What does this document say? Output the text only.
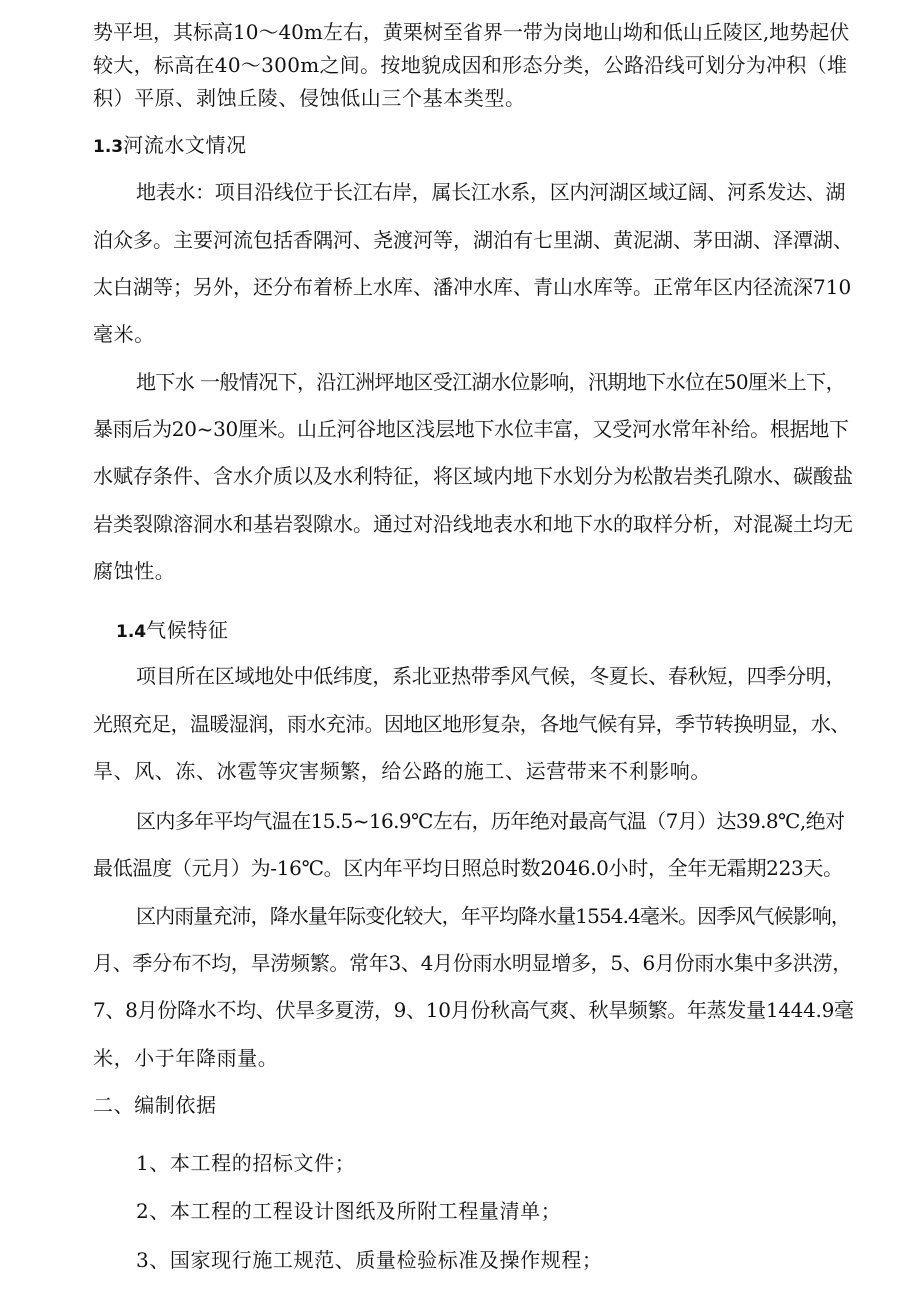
势平坦，其标高10～40m左右，黄栗树至省界一带为岗地山坳和低山丘陵区,地势起伏
较大，标高在40～300m之间。按地貌成因和形态分类，公路沿线可划分为冲积（堆
积）平原、剥蚀丘陵、侵蚀低山三个基本类型。
1.3河流水文情况
地表水：项目沿线位于长江右岸，属长江水系，区内河湖区域辽阔、河系发达、湖
泊众多。主要河流包括香隅河、尧渡河等，湖泊有七里湖、黄泥湖、茅田湖、泽潭湖、
太白湖等；另外，还分布着桥上水库、潘冲水库、青山水库等。正常年区内径流深710
毫米。
地下水 一般情况下，沿江洲坪地区受江湖水位影响，汛期地下水位在50厘米上下，
暴雨后为20~30厘米。山丘河谷地区浅层地下水位丰富，又受河水常年补给。根据地下
水赋存条件、含水介质以及水利特征，将区域内地下水划分为松散岩类孔隙水、碳酸盐
岩类裂隙溶洞水和基岩裂隙水。通过对沿线地表水和地下水的取样分析，对混凝土均无
腐蚀性。
1.4气候特征
项目所在区域地处中低纬度，系北亚热带季风气候，冬夏长、春秋短，四季分明，
光照充足，温暖湿润，雨水充沛。因地区地形复杂，各地气候有异，季节转换明显，水、
旱、风、冻、冰雹等灾害频繁，给公路的施工、运营带来不利影响。
区内多年平均气温在15.5~16.9℃左右，历年绝对最高气温（7月）达39.8℃,绝对
最低温度（元月）为-16℃。区内年平均日照总时数2046.0小时，全年无霜期223天。
区内雨量充沛，降水量年际变化较大，年平均降水量1554.4毫米。因季风气候影响，
月、季分布不均，旱涝频繁。常年3、4月份雨水明显增多，5、6月份雨水集中多洪涝，
7、8月份降水不均、伏旱多夏涝，9、10月份秋高气爽、秋旱频繁。年蒸发量1444.9毫
米，小于年降雨量。
二、编制依据
1、本工程的招标文件；
2、本工程的工程设计图纸及所附工程量清单；
3、国家现行施工规范、质量检验标准及操作规程；
